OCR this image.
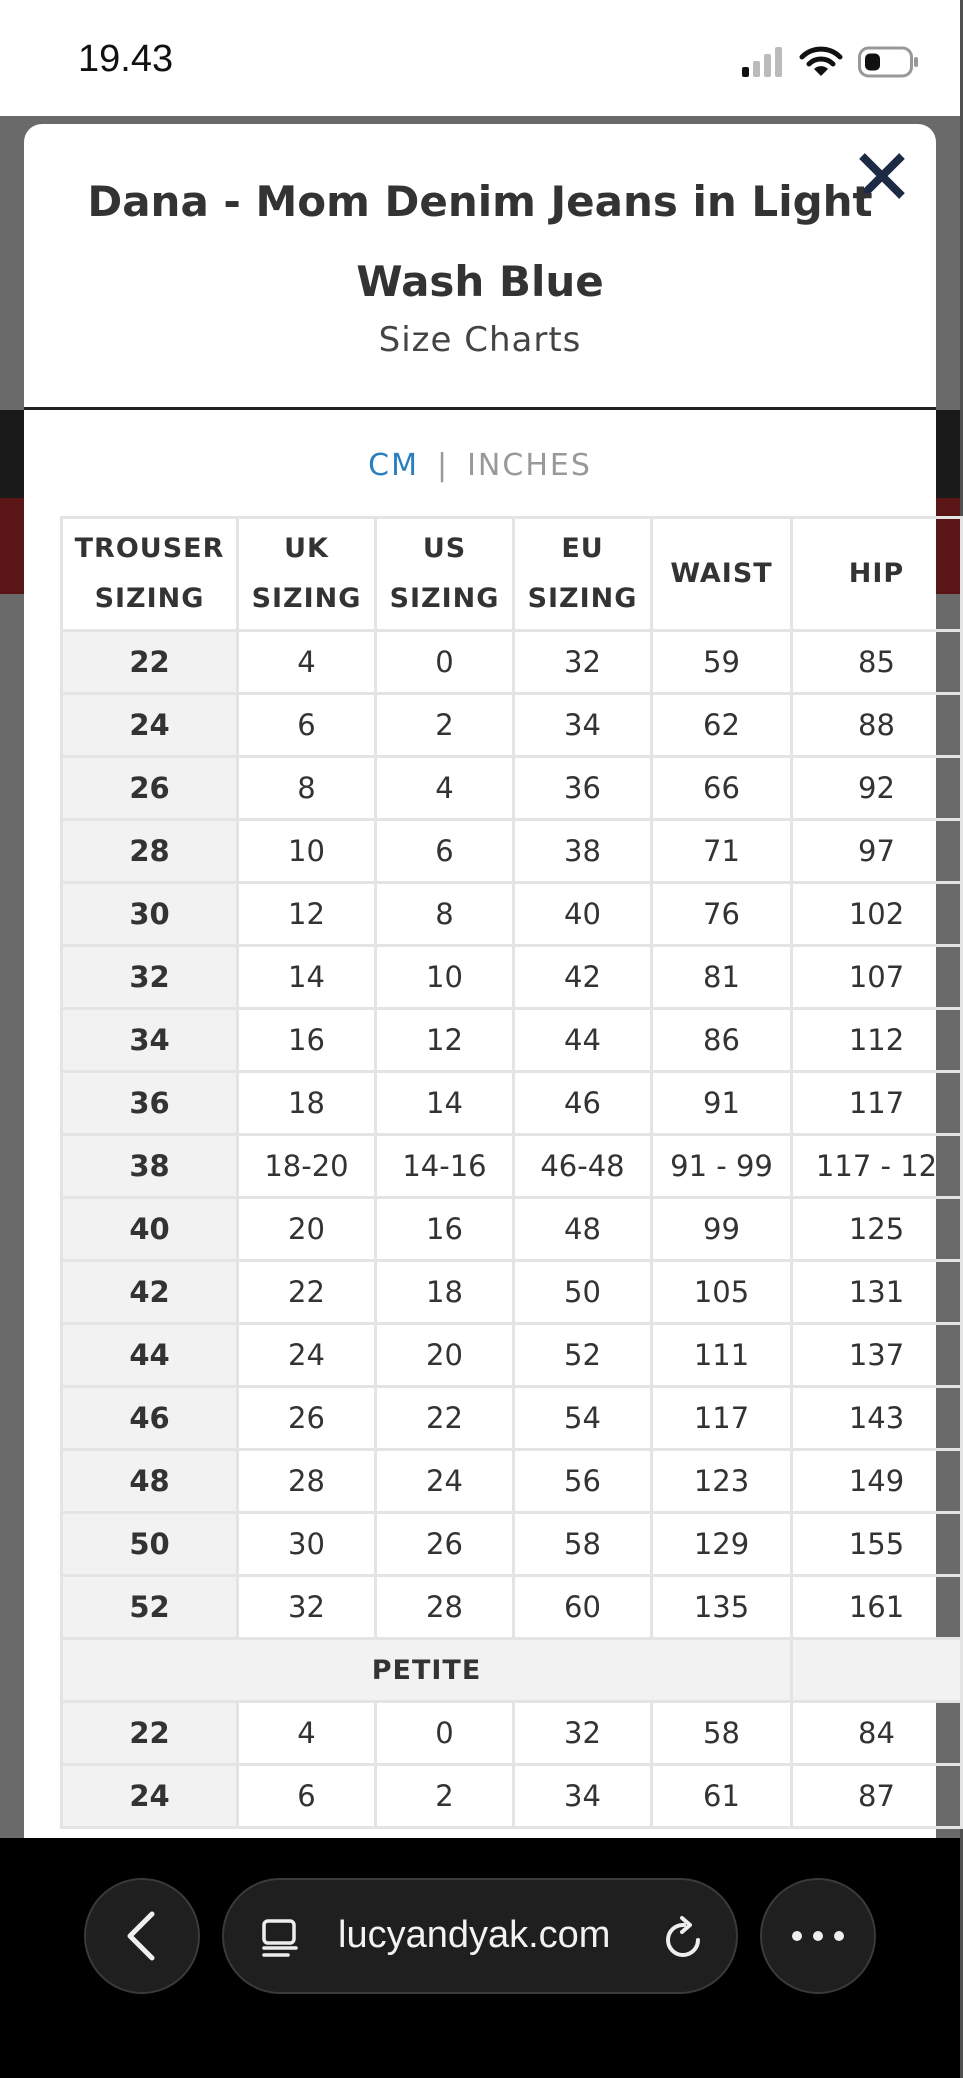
19.43
Dana - Mom Denim Jeans in Light Wash Blue
Size Charts
CM | INCHES
TROUSER SIZING	UK SIZING	US SIZING	EU SIZING	WAIST	HIP
22	4	0	32	59	85
24	6	2	34	62	88
26	8	4	36	66	92
28	10	6	38	71	97
30	12	8	40	76	102
32	14	10	42	81	107
34	16	12	44	86	112
36	18	14	46	91	117
38	18-20	14-16	46-48	91 - 99	117 - 12
40	20	16	48	99	125
42	22	18	50	105	131
44	24	20	52	111	137
46	26	22	54	117	143
48	28	24	56	123	149
50	30	26	58	129	155
52	32	28	60	135	161
PETITE					
22	4	0	32	58	84
24	6	2	34	61	87
lucyandyak.com
